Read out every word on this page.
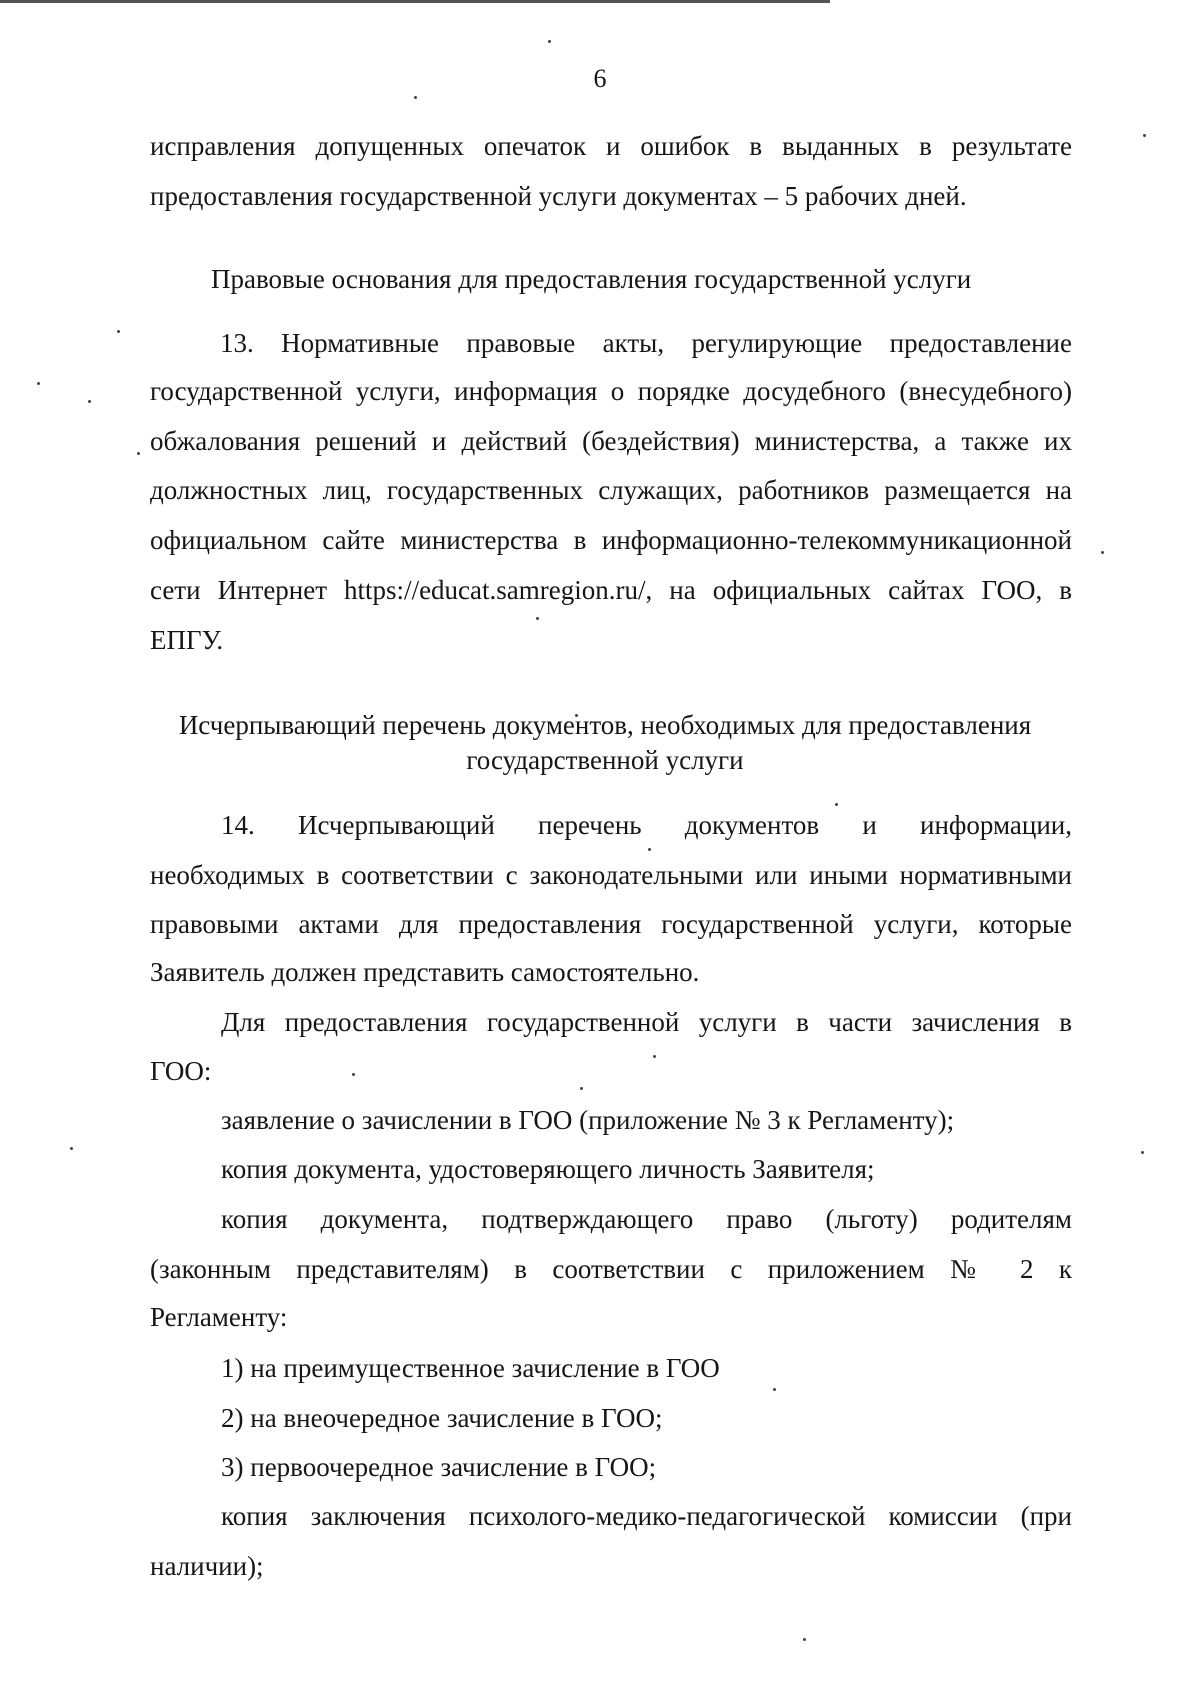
6
исправления допущенных опечаток и ошибок в выданных в результате
предоставления государственной услуги документах – 5 рабочих дней.
Правовые основания для предоставления государственной услуги
13. Нормативные правовые акты, регулирующие предоставление
государственной услуги, информация о порядке досудебного (внесудебного)
обжалования решений и действий (бездействия) министерства, а также их
должностных лиц, государственных служащих, работников размещается на
официальном сайте министерства в информационно-телекоммуникационной
сети Интернет https://educat.samregion.ru/, на официальных сайтах ГОО, в
ЕПГУ.
Исчерпывающий перечень документов, необходимых для предоставления
государственной услуги
14. Исчерпывающий перечень документов и информации,
необходимых в соответствии с законодательными или иными нормативными
правовыми актами для предоставления государственной услуги, которые
Заявитель должен представить самостоятельно.
Для предоставления государственной услуги в части зачисления в
ГОО:
заявление о зачислении в ГОО (приложение № 3 к Регламенту);
копия документа, удостоверяющего личность Заявителя;
копия документа, подтверждающего право (льготу) родителям
(законным представителям) в соответствии с приложением № 2 к
Регламенту:
1) на преимущественное зачисление в ГОО
2) на внеочередное зачисление в ГОО;
3) первоочередное зачисление в ГОО;
копия заключения психолого-медико-педагогической комиссии (при
наличии);
